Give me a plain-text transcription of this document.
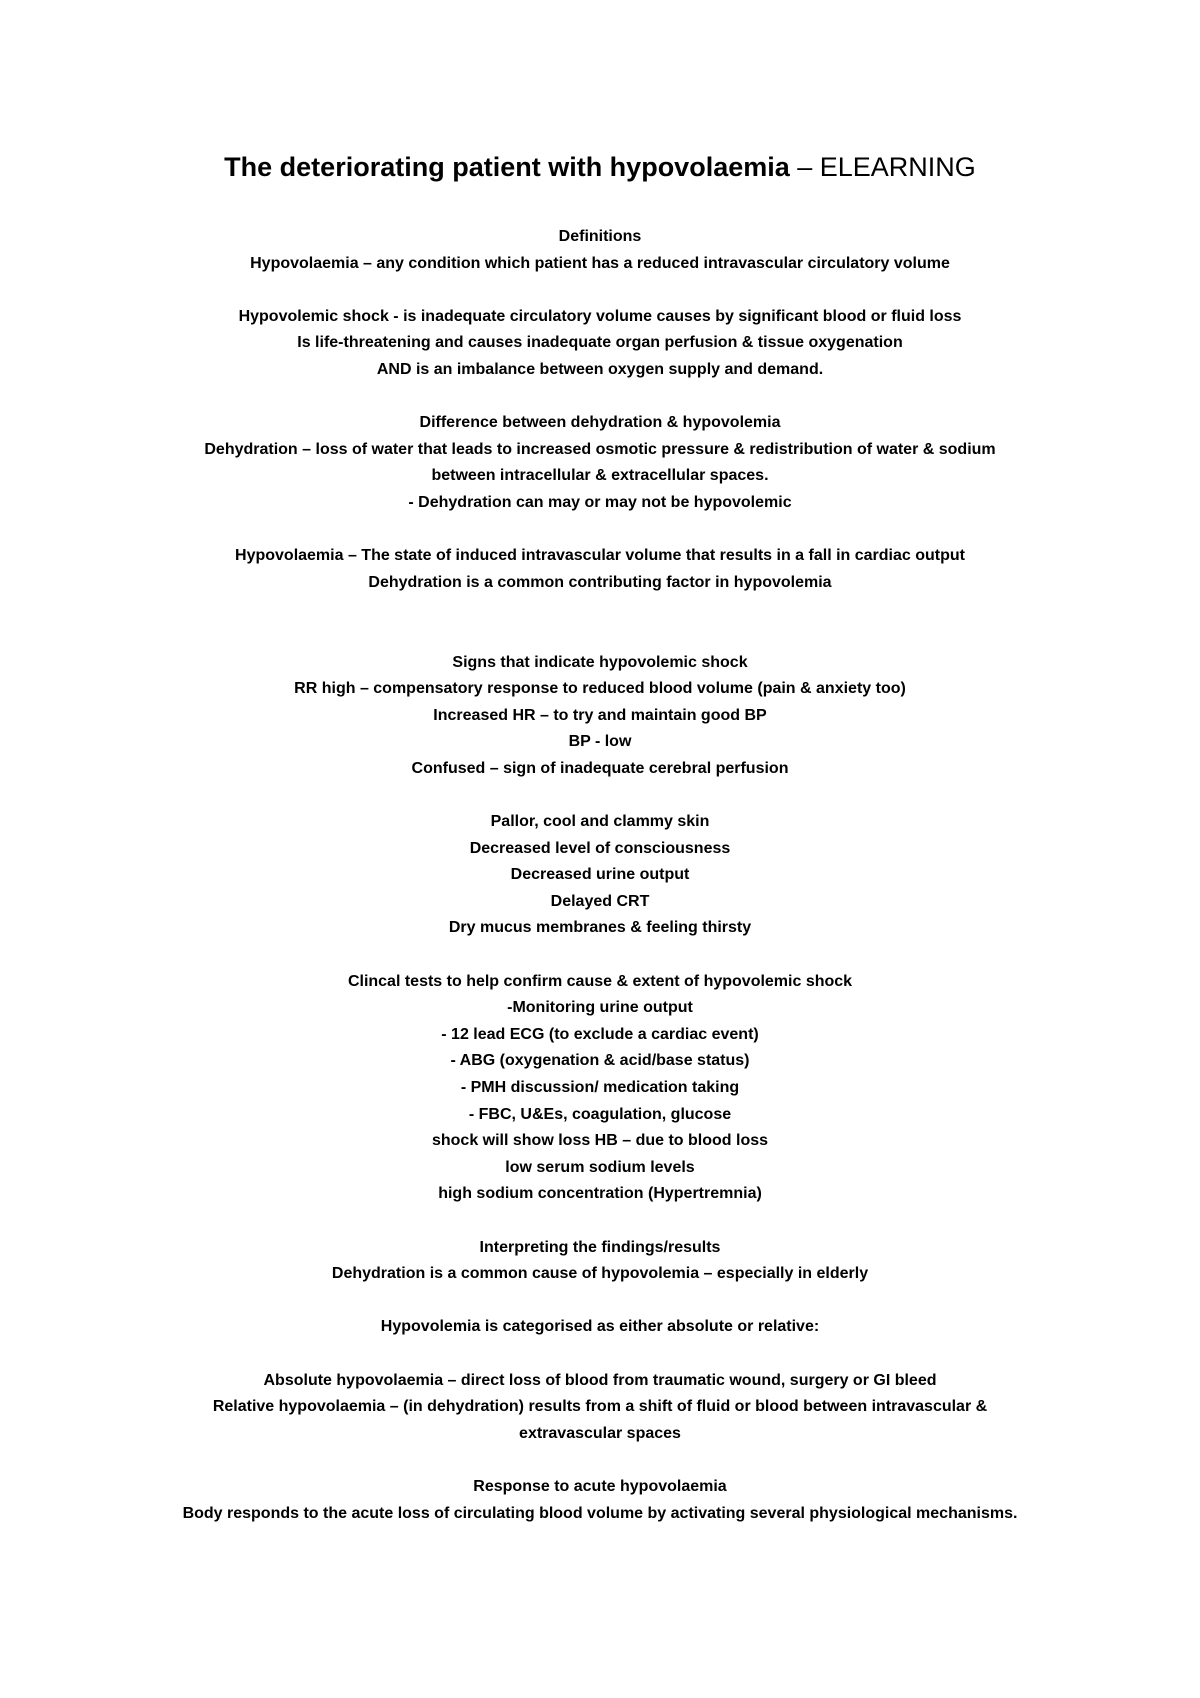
The deteriorating patient with hypovolaemia – ELEARNING

Definitions

Hypovolaemia – any condition which patient has a reduced intravascular circulatory volume

Hypovolemic shock - is inadequate circulatory volume causes by significant blood or fluid loss

Is life-threatening and causes inadequate organ perfusion & tissue oxygenation

AND is an imbalance between oxygen supply and demand.

Difference between dehydration & hypovolemia

Dehydration – loss of water that leads to increased osmotic pressure & redistribution of water & sodium

between intracellular & extracellular spaces.

- Dehydration can may or may not be hypovolemic

Hypovolaemia – The state of induced intravascular volume that results in a fall in cardiac output

Dehydration is a common contributing factor in hypovolemia

Signs that indicate hypovolemic shock

RR high – compensatory response to reduced blood volume (pain & anxiety too)

Increased HR – to try and maintain good BP

BP - low

Confused – sign of inadequate cerebral perfusion

Pallor, cool and clammy skin

Decreased level of consciousness

Decreased urine output

Delayed CRT

Dry mucus membranes & feeling thirsty

Clincal tests to help confirm cause & extent of hypovolemic shock

-Monitoring urine output

- 12 lead ECG (to exclude a cardiac event)

- ABG (oxygenation & acid/base status)

- PMH discussion/ medication taking

- FBC, U&Es, coagulation, glucose

shock will show loss HB – due to blood loss

low serum sodium levels

high sodium concentration (Hypertremnia)

Interpreting the findings/results

Dehydration is a common cause of hypovolemia – especially in elderly

Hypovolemia is categorised as either absolute or relative:

Absolute hypovolaemia – direct loss of blood from traumatic wound, surgery or GI bleed

Relative hypovolaemia – (in dehydration) results from a shift of fluid or blood between intravascular &

extravascular spaces

Response to acute hypovolaemia

Body responds to the acute loss of circulating blood volume by activating several physiological mechanisms.
